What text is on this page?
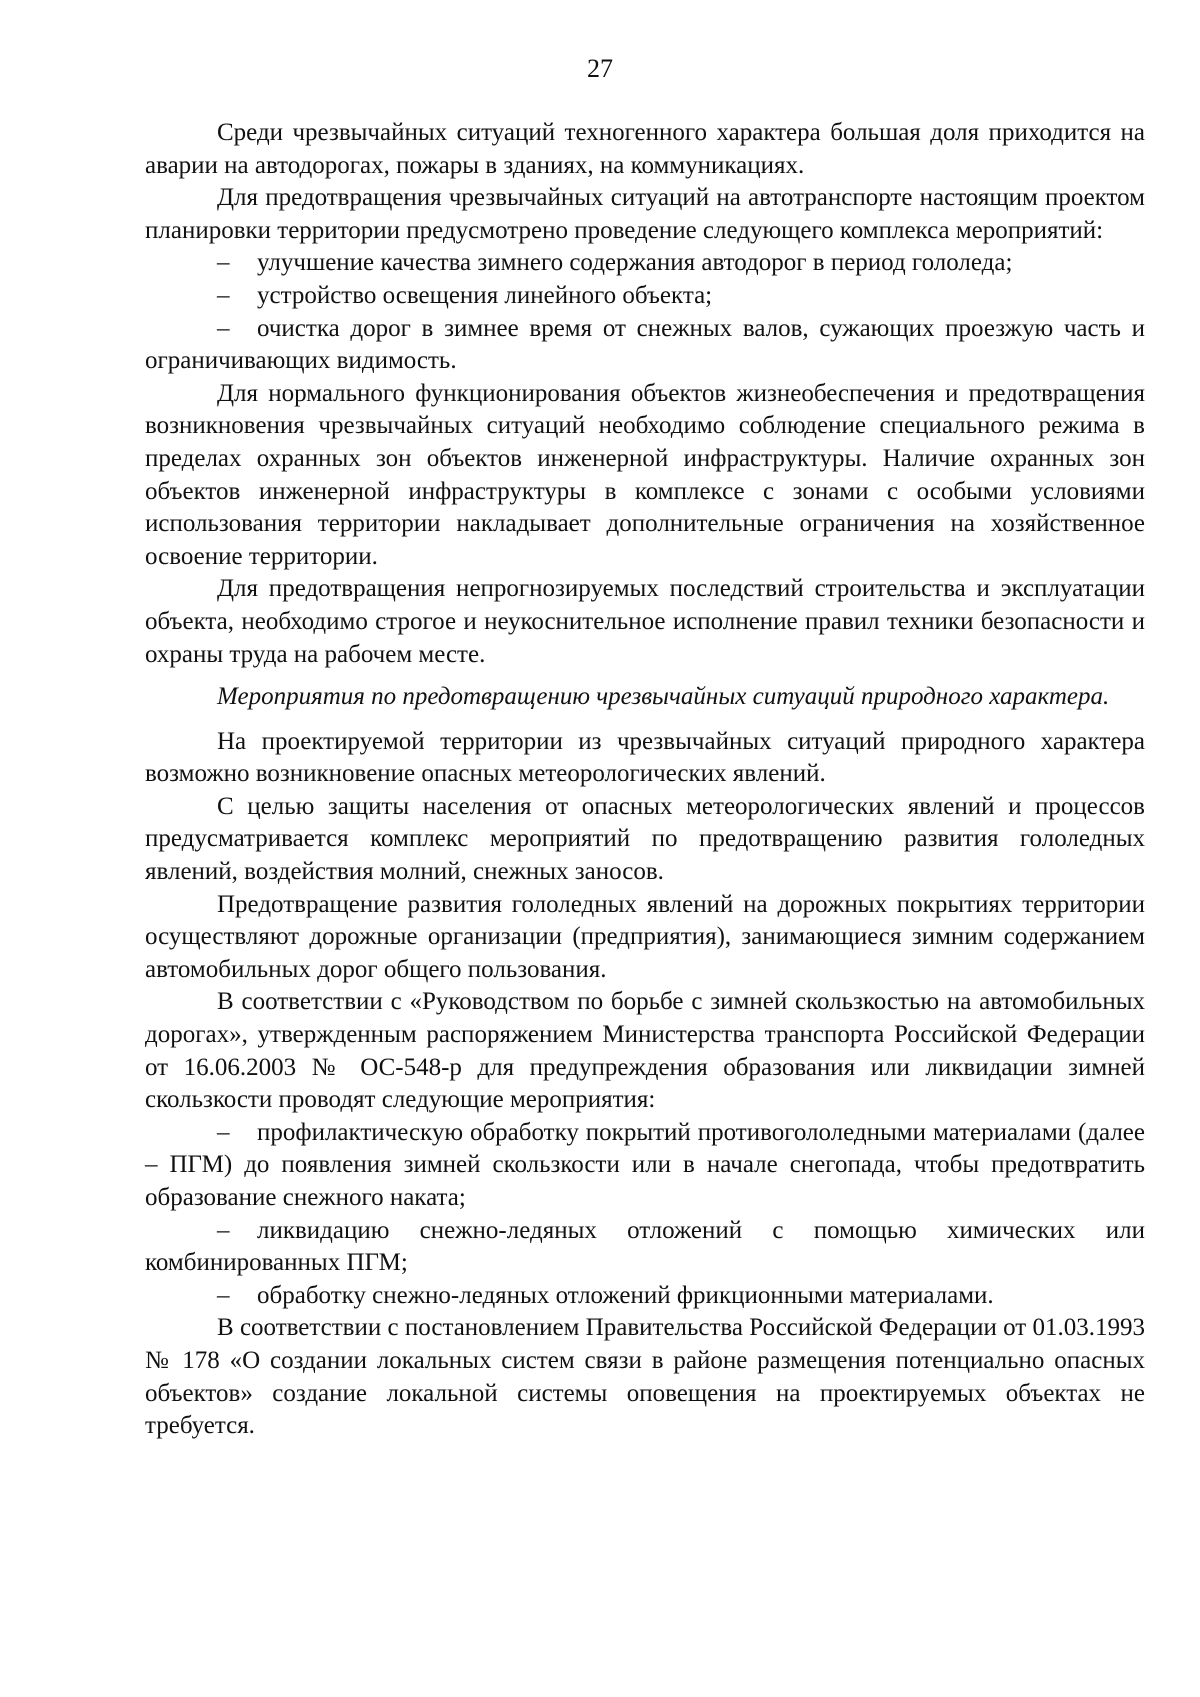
27

Среди чрезвычайных ситуаций техногенного характера большая доля приходится на аварии на автодорогах, пожары в зданиях, на коммуникациях.

Для предотвращения чрезвычайных ситуаций на автотранспорте настоящим проектом планировки территории предусмотрено проведение следующего комплекса мероприятий:

– улучшение качества зимнего содержания автодорог в период гололеда;

– устройство освещения линейного объекта;

– очистка дорог в зимнее время от снежных валов, сужающих проезжую часть и ограничивающих видимость.

Для нормального функционирования объектов жизнеобеспечения и предотвращения возникновения чрезвычайных ситуаций необходимо соблюдение специального режима в пределах охранных зон объектов инженерной инфраструктуры. Наличие охранных зон объектов инженерной инфраструктуры в комплексе с зонами с особыми условиями использования территории накладывает дополнительные ограничения на хозяйственное освоение территории.

Для предотвращения непрогнозируемых последствий строительства и эксплуатации объекта, необходимо строгое и неукоснительное исполнение правил техники безопасности и охраны труда на рабочем месте.

Мероприятия по предотвращению чрезвычайных ситуаций природного характера.

На проектируемой территории из чрезвычайных ситуаций природного характера возможно возникновение опасных метеорологических явлений.

С целью защиты населения от опасных метеорологических явлений и процессов предусматривается комплекс мероприятий по предотвращению развития гололедных явлений, воздействия молний, снежных заносов.

Предотвращение развития гололедных явлений на дорожных покрытиях территории осуществляют дорожные организации (предприятия), занимающиеся зимним содержанием автомобильных дорог общего пользования.

В соответствии с «Руководством по борьбе с зимней скользкостью на автомобильных дорогах», утвержденным распоряжением Министерства транспорта Российской Федерации от 16.06.2003 № ОС-548-р для предупреждения образования или ликвидации зимней скользкости проводят следующие мероприятия:

– профилактическую обработку покрытий противогололедными материалами (далее – ПГМ) до появления зимней скользкости или в начале снегопада, чтобы предотвратить образование снежного наката;

– ликвидацию снежно-ледяных отложений с помощью химических или комбинированных ПГМ;

– обработку снежно-ледяных отложений фрикционными материалами.

В соответствии с постановлением Правительства Российской Федерации от 01.03.1993 № 178 «О создании локальных систем связи в районе размещения потенциально опасных объектов» создание локальной системы оповещения на проектируемых объектах не требуется.
